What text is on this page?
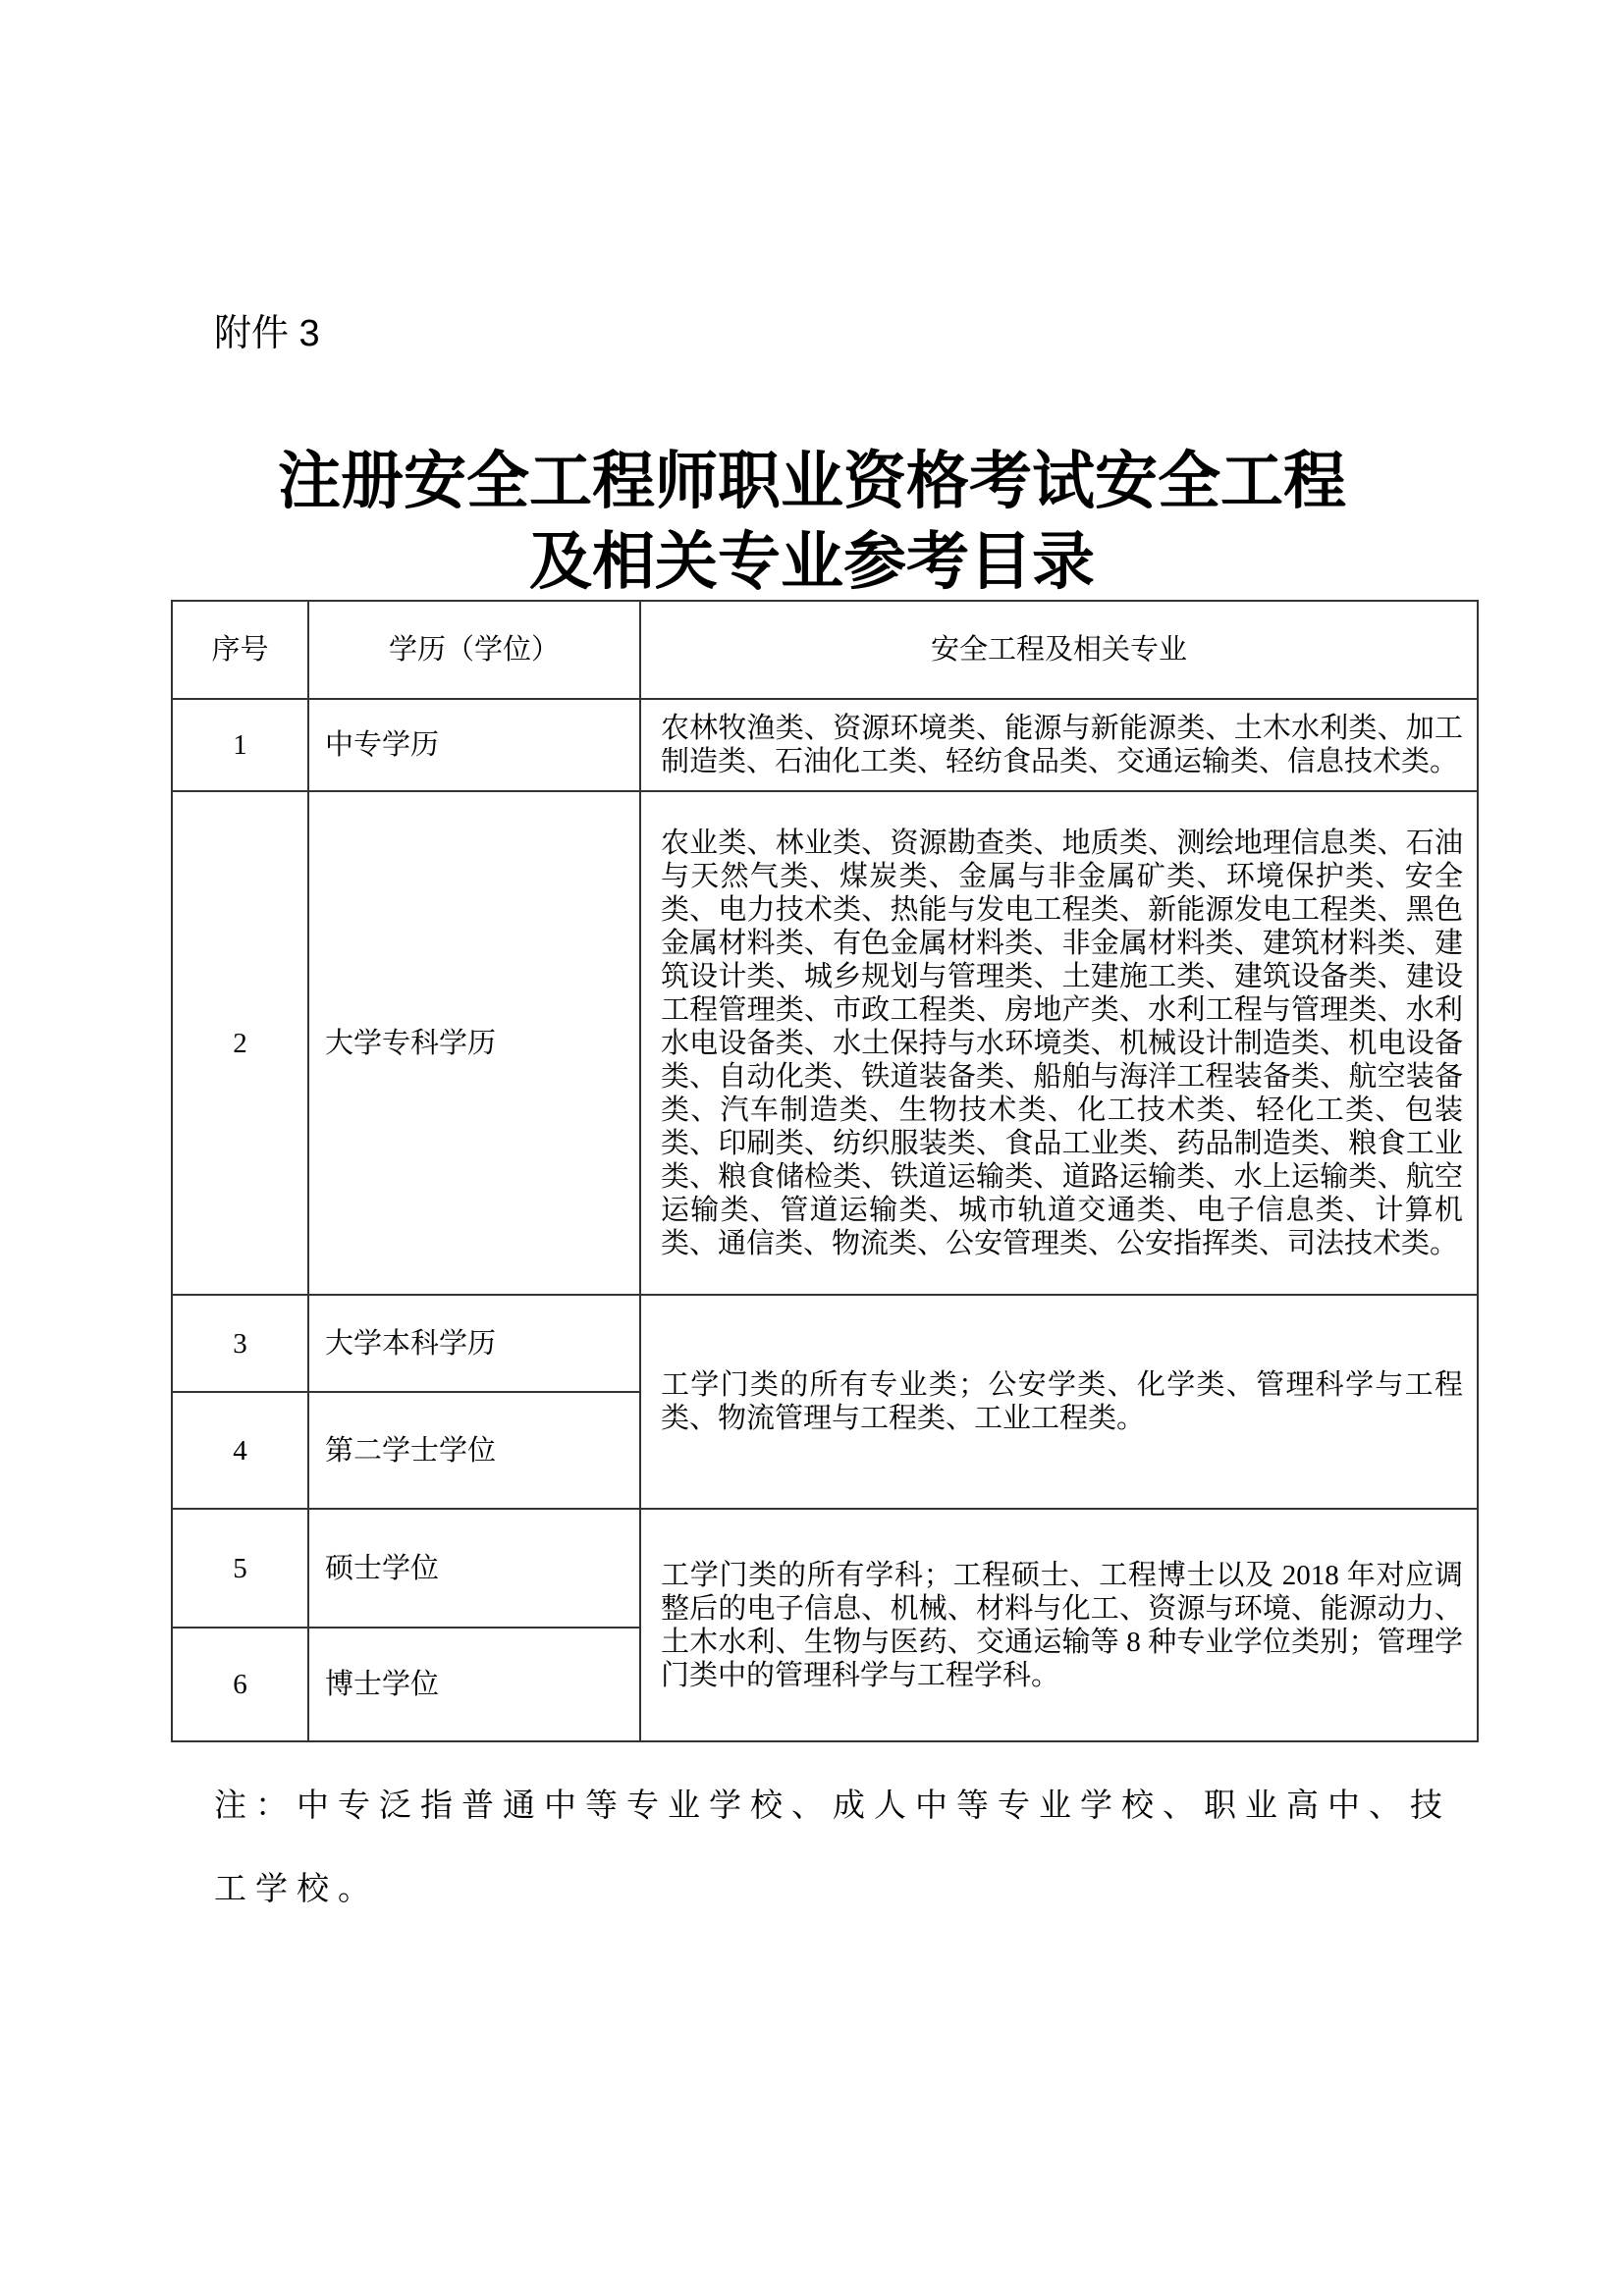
附件 3
注册安全工程师职业资格考试安全工程
及相关专业参考目录
序号	学历（学位）	安全工程及相关专业
1	中专学历	农林牧渔类、资源环境类、能源与新能源类、土木水利类、加工制造类、石油化工类、轻纺食品类、交通运输类、信息技术类。
2	大学专科学历	农业类、林业类、资源勘查类、地质类、测绘地理信息类、石油与天然气类、煤炭类、金属与非金属矿类、环境保护类、安全类、电力技术类、热能与发电工程类、新能源发电工程类、黑色金属材料类、有色金属材料类、非金属材料类、建筑材料类、建筑设计类、城乡规划与管理类、土建施工类、建筑设备类、建设工程管理类、市政工程类、房地产类、水利工程与管理类、水利水电设备类、水土保持与水环境类、机械设计制造类、机电设备类、自动化类、铁道装备类、船舶与海洋工程装备类、航空装备类、汽车制造类、生物技术类、化工技术类、轻化工类、包装类、印刷类、纺织服装类、食品工业类、药品制造类、粮食工业类、粮食储检类、铁道运输类、道路运输类、水上运输类、航空运输类、管道运输类、城市轨道交通类、电子信息类、计算机类、通信类、物流类、公安管理类、公安指挥类、司法技术类。
3	大学本科学历	工学门类的所有专业类；公安学类、化学类、管理科学与工程类、物流管理与工程类、工业工程类。
4	第二学士学位	
5	硕士学位	工学门类的所有学科；工程硕士、工程博士以及 2018 年对应调整后的电子信息、机械、材料与化工、资源与环境、能源动力、土木水利、生物与医药、交通运输等 8 种专业学位类别；管理学门类中的管理科学与工程学科。
6	博士学位	
注：中专泛指普通中等专业学校、成人中等专业学校、职业高中、技工学校。
